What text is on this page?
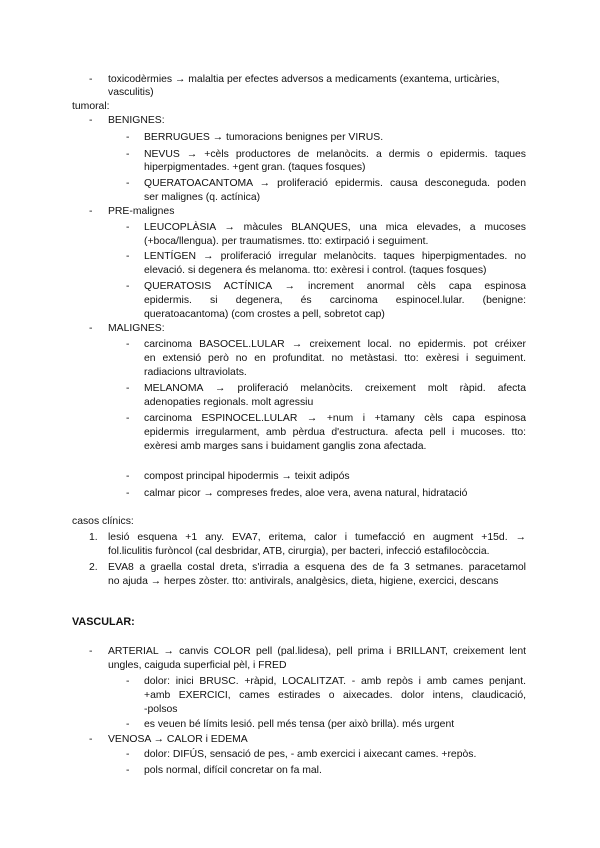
- toxicodèrmies → malaltia per efectes adversos a medicaments (exantema, urticàries,
vasculitis)
tumoral:
- BENIGNES:
- BERRUGUES → tumoracions benignes per VIRUS.
- NEVUS → +cèls productores de melanòcits. a dermis o epidermis. taques
hiperpigmentades. +gent gran. (taques fosques)
- QUERATOACANTOMA → proliferació epidermis. causa desconeguda. poden
ser malignes (q. actínica)
- PRE-malignes
- LEUCOPLÀSIA → màcules BLANQUES, una mica elevades, a mucoses
(+boca/llengua). per traumatismes. tto: extirpació i seguiment.
- LENTÍGEN → proliferació irregular melanòcits. taques hiperpigmentades. no
elevació. si degenera és melanoma. tto: exèresi i control. (taques fosques)
- QUERATOSIS ACTÍNICA → increment anormal cèls capa espinosa
epidermis. si degenera, és carcinoma espinocel.lular. (benigne:
queratoacantoma) (com crostes a pell, sobretot cap)
- MALIGNES:
- carcinoma BASOCEL.LULAR → creixement local. no epidermis. pot créixer
en extensió però no en profunditat. no metàstasi. tto: exèresi i seguiment.
radiacions ultraviolats.
- MELANOMA → proliferació melanòcits. creixement molt ràpid. afecta
adenopaties regionals. molt agressiu
- carcinoma ESPINOCEL.LULAR → +num i +tamany cèls capa espinosa
epidermis irregularment, amb pèrdua d'estructura. afecta pell i mucoses. tto:
exèresi amb marges sans i buidament ganglis zona afectada.
- compost principal hipodermis → teixit adipós
- calmar picor → compreses fredes, aloe vera, avena natural, hidratació
casos clínics:
1. lesió esquena +1 any. EVA7, eritema, calor i tumefacció en augment +15d. →
fol.liculitis furòncol (cal desbridar, ATB, cirurgia), per bacteri, infecció estafilocòccia.
2. EVA8 a graella costal dreta, s'irradia a esquena des de fa 3 setmanes. paracetamol
no ajuda → herpes zòster. tto: antivirals, analgèsics, dieta, higiene, exercici, descans
VASCULAR:
- ARTERIAL → canvis COLOR pell (pal.lidesa), pell prima i BRILLANT, creixement lent
ungles, caiguda superficial pèl, i FRED
- dolor: inici BRUSC. +ràpid, LOCALITZAT. - amb repòs i amb cames penjant.
+amb EXERCICI, cames estirades o aixecades. dolor intens, claudicació,
-polsos
- es veuen bé límits lesió. pell més tensa (per això brilla). més urgent
- VENOSA → CALOR i EDEMA
- dolor: DIFÚS, sensació de pes, - amb exercici i aixecant cames. +repòs.
- pols normal, difícil concretar on fa mal.
